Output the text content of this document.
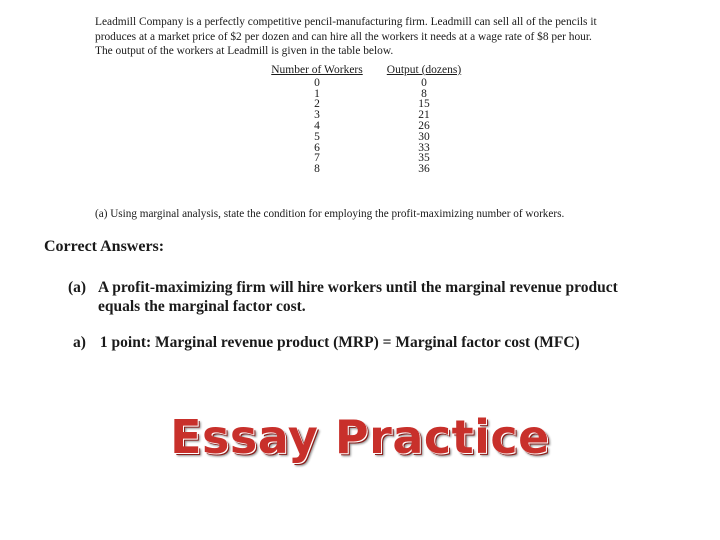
Leadmill Company is a perfectly competitive pencil-manufacturing firm. Leadmill can sell all of the pencils it
produces at a market price of $2 per dozen and can hire all the workers it needs at a wage rate of $8 per hour.
The output of the workers at Leadmill is given in the table below.
Number of Workers
0
1
2
3
4
5
6
7
8
Output (dozens)
0
8
15
21
26
30
33
35
36
(a) Using marginal analysis, state the condition for employing the profit-maximizing number of workers.
Correct Answers:
(a) A profit-maximizing firm will hire workers until the marginal revenue product equals the marginal factor cost.
a) 1 point: Marginal revenue product (MRP) = Marginal factor cost (MFC)
Essay Practice
